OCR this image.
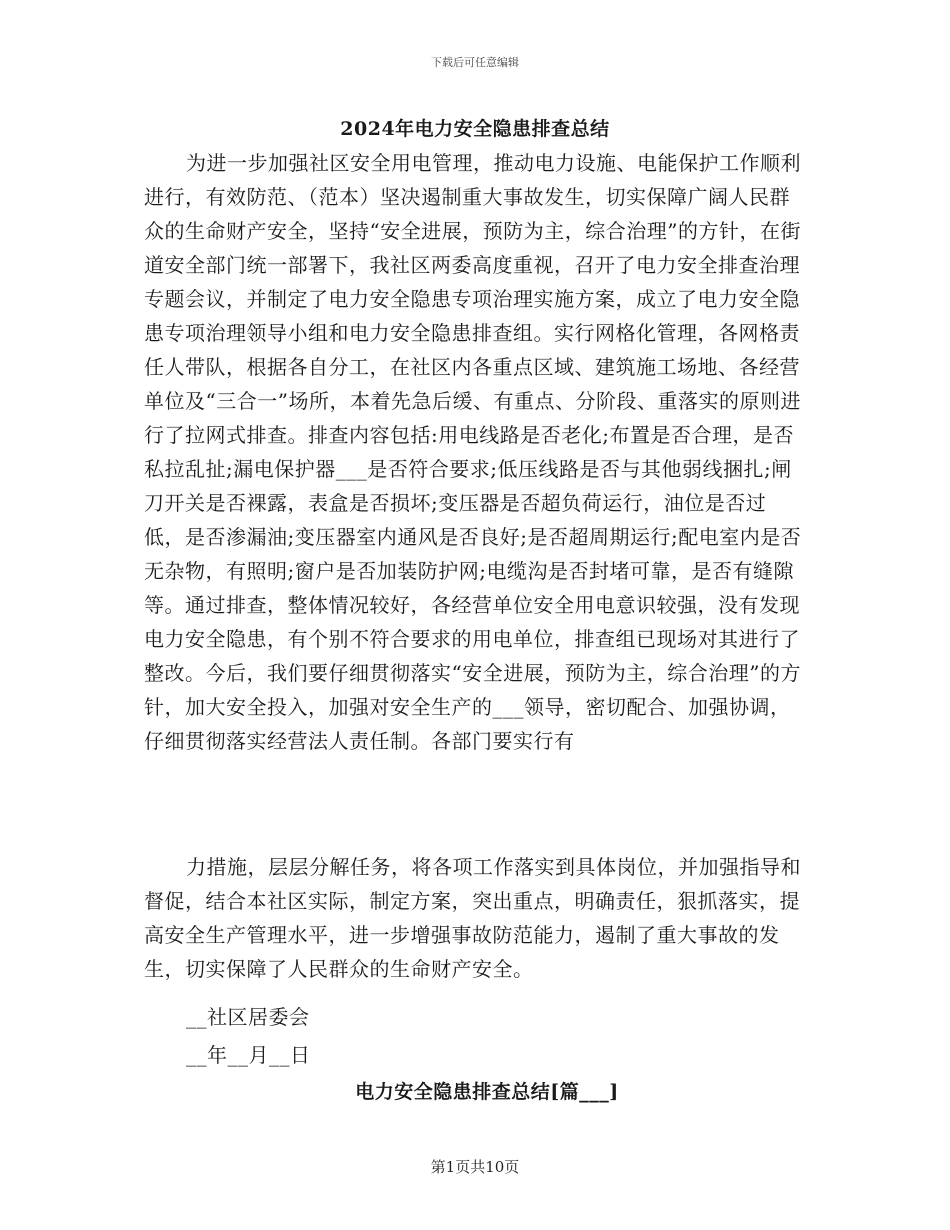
下载后可任意编辑
2024年电力安全隐患排查总结

为进一步加强社区安全用电管理，推动电力设施、电能保护工作顺利进行，有效防范、（范本）坚决遏制重大事故发生，切实保障广阔人民群众的生命财产安全，坚持“安全进展，预防为主，综合治理”的方针，在街道安全部门统一部署下，我社区两委高度重视，召开了电力安全排查治理专题会议，并制定了电力安全隐患专项治理实施方案，成立了电力安全隐患专项治理领导小组和电力安全隐患排查组。实行网格化管理，各网格责任人带队，根据各自分工，在社区内各重点区域、建筑施工场地、各经营单位及“三合一”场所，本着先急后缓、有重点、分阶段、重落实的原则进行了拉网式排查。排查内容包括:用电线路是否老化;布置是否合理，是否私拉乱扯;漏电保护器___是否符合要求;低压线路是否与其他弱线捆扎;闸刀开关是否裸露，表盒是否损坏;变压器是否超负荷运行，油位是否过低，是否渗漏油;变压器室内通风是否良好;是否超周期运行;配电室内是否无杂物，有照明;窗户是否加装防护网;电缆沟是否封堵可靠，是否有缝隙等。通过排查，整体情况较好，各经营单位安全用电意识较强，没有发现电力安全隐患，有个别不符合要求的用电单位，排查组已现场对其进行了整改。今后，我们要仔细贯彻落实“安全进展，预防为主，综合治理”的方针，加大安全投入，加强对安全生产的___领导，密切配合、加强协调，仔细贯彻落实经营法人责任制。各部门要实行有

力措施，层层分解任务，将各项工作落实到具体岗位，并加强指导和督促，结合本社区实际，制定方案，突出重点，明确责任，狠抓落实，提高安全生产管理水平，进一步增强事故防范能力，遏制了重大事故的发生，切实保障了人民群众的生命财产安全。

__社区居委会
__年__月__日
电力安全隐患排查总结[篇___]
第1页共10页
